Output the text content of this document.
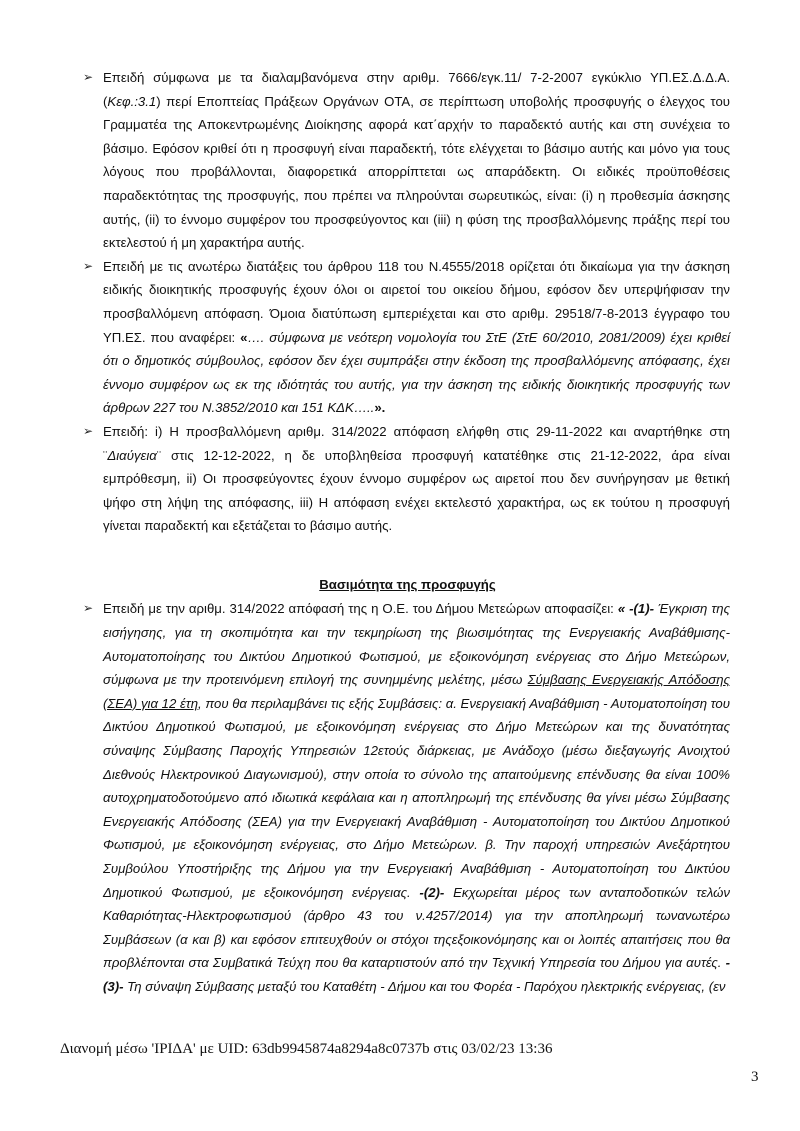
➢ Επειδή σύμφωνα με τα διαλαμβανόμενα στην αριθμ. 7666/εγκ.11/ 7-2-2007 εγκύκλιο ΥΠ.ΕΣ.Δ.Δ.Α. (Κεφ.:3.1) περί Εποπτείας Πράξεων Οργάνων ΟΤΑ, σε περίπτωση υποβολής προσφυγής ο έλεγχος του Γραμματέα της Αποκεντρωμένης Διοίκησης αφορά κατ΄αρχήν το παραδεκτό αυτής και στη συνέχεια το βάσιμο. Εφόσον κριθεί ότι η προσφυγή είναι παραδεκτή, τότε ελέγχεται το βάσιμο αυτής και μόνο για τους λόγους που προβάλλονται, διαφορετικά απορρίπτεται ως απαράδεκτη. Οι ειδικές προϋποθέσεις παραδεκτότητας της προσφυγής, που πρέπει να πληρούνται σωρευτικώς, είναι: (i) η προθεσμία άσκησης αυτής, (ii) το έννομο συμφέρον του προσφεύγοντος και (iii) η φύση της προσβαλλόμενης πράξης περί του εκτελεστού ή μη χαρακτήρα αυτής.

➢ Επειδή με τις ανωτέρω διατάξεις του άρθρου 118 του Ν.4555/2018 ορίζεται ότι δικαίωμα για την άσκηση ειδικής διοικητικής προσφυγής έχουν όλοι οι αιρετοί του οικείου δήμου, εφόσον δεν υπερψήφισαν την προσβαλλόμενη απόφαση. Όμοια διατύπωση εμπεριέχεται και στο αριθμ. 29518/7-8-2013 έγγραφο του ΥΠ.ΕΣ. που αναφέρει: «…. σύμφωνα με νεότερη νομολογία του ΣτΕ (ΣτΕ 60/2010, 2081/2009) έχει κριθεί ότι ο δημοτικός σύμβουλος, εφόσον δεν έχει συμπράξει στην έκδοση της προσβαλλόμενης απόφασης, έχει έννομο συμφέρον ως εκ της ιδιότητάς του αυτής, για την άσκηση της ειδικής διοικητικής προσφυγής των άρθρων 227 του Ν.3852/2010 και 151 ΚΔΚ…..».

➢ Επειδή: i) Η προσβαλλόμενη αριθμ. 314/2022 απόφαση ελήφθη στις 29-11-2022 και αναρτήθηκε στη ¨Διαύγεια¨ στις 12-12-2022, η δε υποβληθείσα προσφυγή κατατέθηκε στις 21-12-2022, άρα είναι εμπρόθεσμη, ii) Οι προσφεύγοντες έχουν έννομο συμφέρον ως αιρετοί που δεν συνήργησαν με θετική ψήφο στη λήψη της απόφασης, iii) Η απόφαση ενέχει εκτελεστό χαρακτήρα, ως εκ τούτου η προσφυγή γίνεται παραδεκτή και εξετάζεται το βάσιμο αυτής.

Βασιμότητα της προσφυγής
➢ Επειδή με την αριθμ. 314/2022 απόφασή της η Ο.Ε. του Δήμου Μετεώρων αποφασίζει: « -(1)- Έγκριση της εισήγησης, για τη σκοπιμότητα και την τεκμηρίωση της βιωσιμότητας της Ενεργειακής Αναβάθμισης-Αυτοματοποίησης του Δικτύου Δημοτικού Φωτισμού, με εξοικονόμηση ενέργειας στο Δήμο Μετεώρων, σύμφωνα με την προτεινόμενη επιλογή της συνημμένης μελέτης, μέσω Σύμβασης Ενεργειακής Απόδοσης (ΣΕΑ) για 12 έτη, που θα περιλαμβάνει τις εξής Συμβάσεις: α. Ενεργειακή Αναβάθμιση - Αυτοματοποίηση του Δικτύου Δημοτικού Φωτισμού, με εξοικονόμηση ενέργειας στο Δήμο Μετεώρων και της δυνατότητας σύναψης Σύμβασης Παροχής Υπηρεσιών 12ετούς διάρκειας, με Ανάδοχο (μέσω διεξαγωγής Ανοιχτού Διεθνούς Ηλεκτρονικού Διαγωνισμού), στην οποία το σύνολο της απαιτούμενης επένδυσης θα είναι 100% αυτοχρηματοδοτούμενο από ιδιωτικά κεφάλαια και η αποπληρωμή της επένδυσης θα γίνει μέσω Σύμβασης Ενεργειακής Απόδοσης (ΣΕΑ) για την Ενεργειακή Αναβάθμιση - Αυτοματοποίηση του Δικτύου Δημοτικού Φωτισμού, με εξοικονόμηση ενέργειας, στο Δήμο Μετεώρων. β. Την παροχή υπηρεσιών Ανεξάρτητου Συμβούλου Υποστήριξης της Δήμου για την Ενεργειακή Αναβάθμιση - Αυτοματοποίηση του Δικτύου Δημοτικού Φωτισμού, με εξοικονόμηση ενέργειας. -(2)- Εκχωρείται μέρος των ανταποδοτικών τελών Καθαριότητας-Ηλεκτροφωτισμού (άρθρο 43 του ν.4257/2014) για την αποπληρωμή τωνανωτέρω Συμβάσεων (α και β) και εφόσον επιτευχθούν οι στόχοι τηςεξοικονόμησης και οι λοιπές απαιτήσεις που θα προβλέπονται στα Συμβατικά Τεύχη που θα καταρτιστούν από την Τεχνική Υπηρεσία του Δήμου για αυτές. -(3)- Τη σύναψη Σύμβασης μεταξύ του Καταθέτη - Δήμου και του Φορέα - Παρόχου ηλεκτρικής ενέργειας, (εν

Διανομή μέσω 'ΙΡΙΔΑ' με UID: 63db9945874a8294a8c0737b στις 03/02/23 13:36
3
